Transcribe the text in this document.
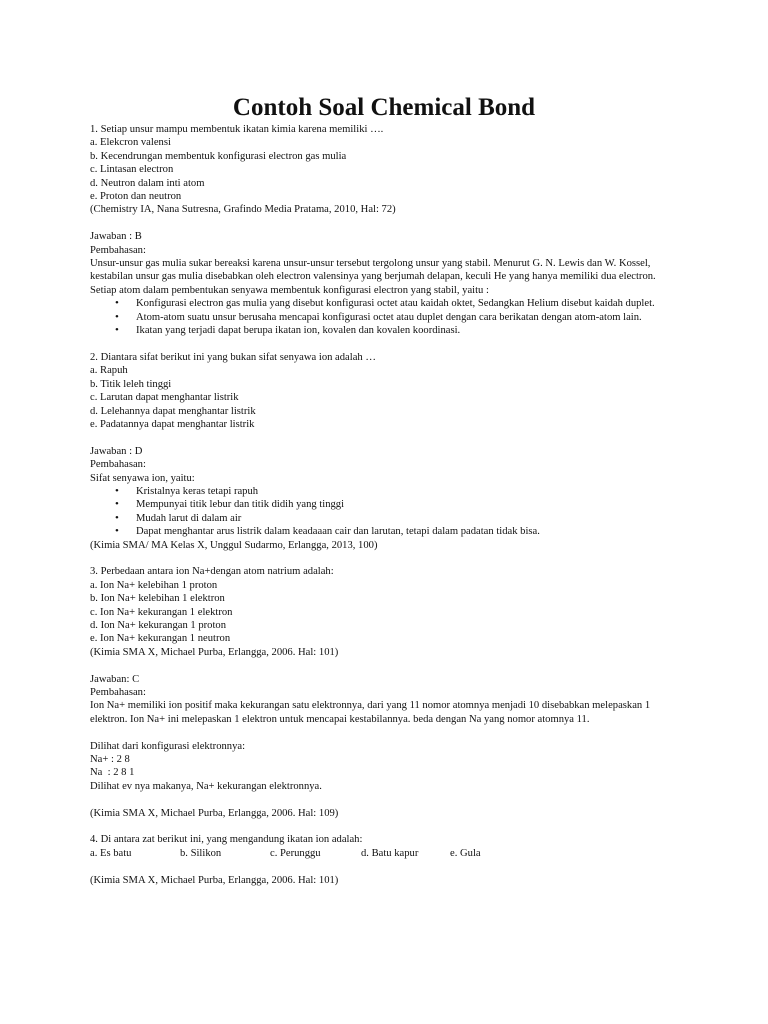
Contoh Soal Chemical Bond

1. Setiap unsur mampu membentuk ikatan kimia karena memiliki ….

a. Elekcron valensi

b. Kecendrungan membentuk konfigurasi electron gas mulia

c. Lintasan electron

d. Neutron dalam inti atom

e. Proton dan neutron

(Chemistry IA, Nana Sutresna, Grafindo Media Pratama, 2010, Hal: 72)

Jawaban : B

Pembahasan:

Unsur-unsur gas mulia sukar bereaksi karena unsur-unsur tersebut tergolong unsur yang stabil. Menurut G. N. Lewis dan W. Kossel, kestabilan unsur gas mulia disebabkan oleh electron valensinya yang berjumah delapan, keculi He yang hanya memiliki dua electron.

Setiap atom dalam pembentukan senyawa membentuk konfigurasi electron yang stabil, yaitu :

• Konfigurasi electron gas mulia yang disebut konfigurasi octet atau kaidah oktet, Sedangkan Helium disebut kaidah duplet.
• Atom-atom suatu unsur berusaha mencapai konfigurasi octet atau duplet dengan cara berikatan dengan atom-atom lain.
• Ikatan yang terjadi dapat berupa ikatan ion, kovalen dan kovalen koordinasi.

2. Diantara sifat berikut ini yang bukan sifat senyawa ion adalah …

a. Rapuh

b. Titik leleh tinggi

c. Larutan dapat menghantar listrik

d. Lelehannya dapat menghantar listrik

e. Padatannya dapat menghantar listrik

Jawaban : D

Pembahasan:

Sifat senyawa ion, yaitu:

• Kristalnya keras tetapi rapuh
• Mempunyai titik lebur dan titik didih yang tinggi
• Mudah larut di dalam air
• Dapat menghantar arus listrik dalam keadaaan cair dan larutan, tetapi dalam padatan tidak bisa.

(Kimia SMA/ MA Kelas X, Unggul Sudarmo, Erlangga, 2013, 100)

3. Perbedaan antara ion Na+dengan atom natrium adalah:

a. Ion Na+ kelebihan 1 proton

b. Ion Na+ kelebihan 1 elektron

c. Ion Na+ kekurangan 1 elektron

d. Ion Na+ kekurangan 1 proton

e. Ion Na+ kekurangan 1 neutron

(Kimia SMA X, Michael Purba, Erlangga, 2006. Hal: 101)

Jawaban: C

Pembahasan:

Ion Na+ memiliki ion positif maka kekurangan satu elektronnya, dari yang 11 nomor atomnya menjadi 10 disebabkan melepaskan 1 elektron. Ion Na+ ini melepaskan 1 elektron untuk mencapai kestabilannya. beda dengan Na yang nomor atomnya 11.

Dilihat dari konfigurasi elektronnya:

Na+ : 2 8

Na  : 2 8 1

Dilihat ev nya makanya, Na+ kekurangan elektronnya.

(Kimia SMA X, Michael Purba, Erlangga, 2006. Hal: 109)

4. Di antara zat berikut ini, yang mengandung ikatan ion adalah:

a. Es batu	b. Silikon	c. Perunggu	d. Batu kapur	e. Gula

(Kimia SMA X, Michael Purba, Erlangga, 2006. Hal: 101)
